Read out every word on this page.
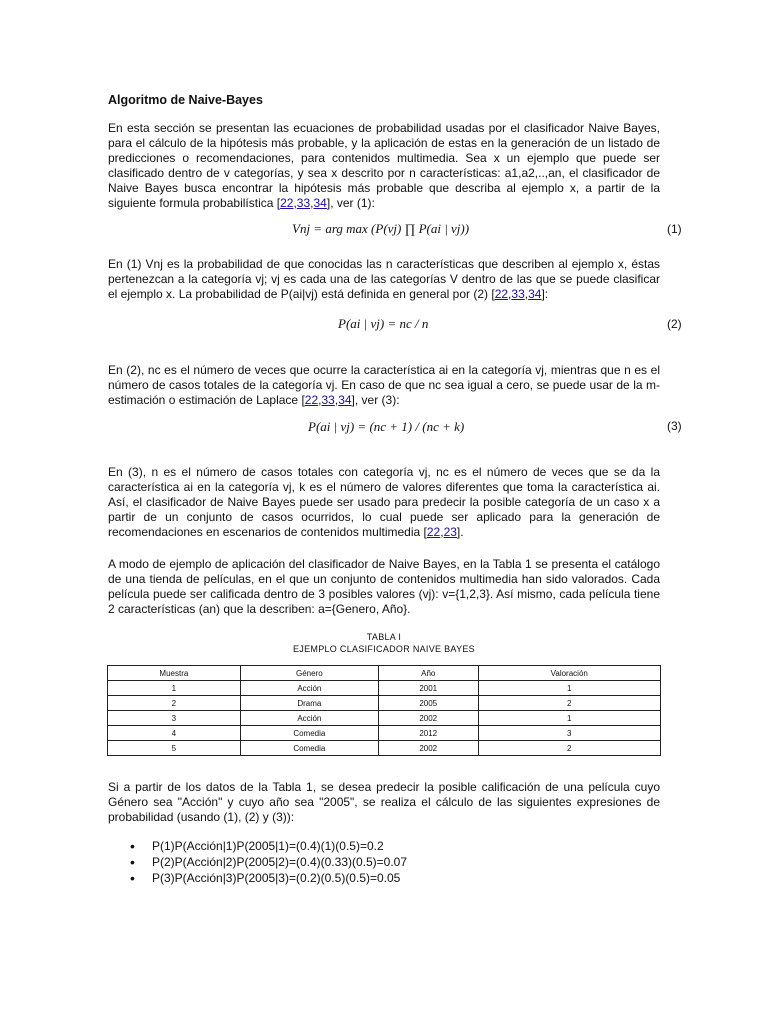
Algoritmo de Naive-Bayes
En esta sección se presentan las ecuaciones de probabilidad usadas por el clasificador Naive Bayes, para el cálculo de la hipótesis más probable, y la aplicación de estas en la generación de un listado de predicciones o recomendaciones, para contenidos multimedia. Sea x un ejemplo que puede ser clasificado dentro de v categorías, y sea x descrito por n características: a1,a2,..,an, el clasificador de Naive Bayes busca encontrar la hipótesis más probable que describa al ejemplo x, a partir de la siguiente formula probabilística [22,33,34], ver (1):
Vnj = arg max (P(vj) ∏ P(ai | vj))	(1)
En (1) Vnj es la probabilidad de que conocidas las n características que describen al ejemplo x, éstas pertenezcan a la categoría vj; vj es cada una de las categorías V dentro de las que se puede clasificar el ejemplo x. La probabilidad de P(ai|vj) está definida en general por (2) [22,33,34]:
P(ai | vj) = nc / n	(2)
En (2), nc es el número de veces que ocurre la característica ai en la categoría vj, mientras que n es el número de casos totales de la categoría vj. En caso de que nc sea igual a cero, se puede usar de la m-estimación o estimación de Laplace [22,33,34], ver (3):
P(ai | vj) = (nc + 1) / (nc + k)	(3)
En (3), n es el número de casos totales con categoría vj, nc es el número de veces que se da la característica ai en la categoría vj, k es el número de valores diferentes que toma la característica ai. Así, el clasificador de Naive Bayes puede ser usado para predecir la posible categoría de un caso x a partir de un conjunto de casos ocurridos, lo cual puede ser aplicado para la generación de recomendaciones en escenarios de contenidos multimedia [22,23].
A modo de ejemplo de aplicación del clasificador de Naive Bayes, en la Tabla 1 se presenta el catálogo de una tienda de películas, en el que un conjunto de contenidos multimedia han sido valorados. Cada película puede ser calificada dentro de 3 posibles valores (vj): v={1,2,3}. Así mismo, cada película tiene 2 características (an) que la describen: a={Genero, Año}.
TABLA I
EJEMPLO CLASIFICADOR NAIVE BAYES
Muestra	Género	Año	Valoración
1	Acción	2001	1
2	Drama	2005	2
3	Acción	2002	1
4	Comedia	2012	3
5	Comedia	2002	2
Si a partir de los datos de la Tabla 1, se desea predecir la posible calificación de una película cuyo Género sea "Acción" y cuyo año sea "2005", se realiza el cálculo de las siguientes expresiones de probabilidad (usando (1), (2) y (3)):
• P(1)P(Acción|1)P(2005|1)=(0.4)(1)(0.5)=0.2
• P(2)P(Acción|2)P(2005|2)=(0.4)(0.33)(0.5)=0.07
• P(3)P(Acción|3)P(2005|3)=(0.2)(0.5)(0.5)=0.05
